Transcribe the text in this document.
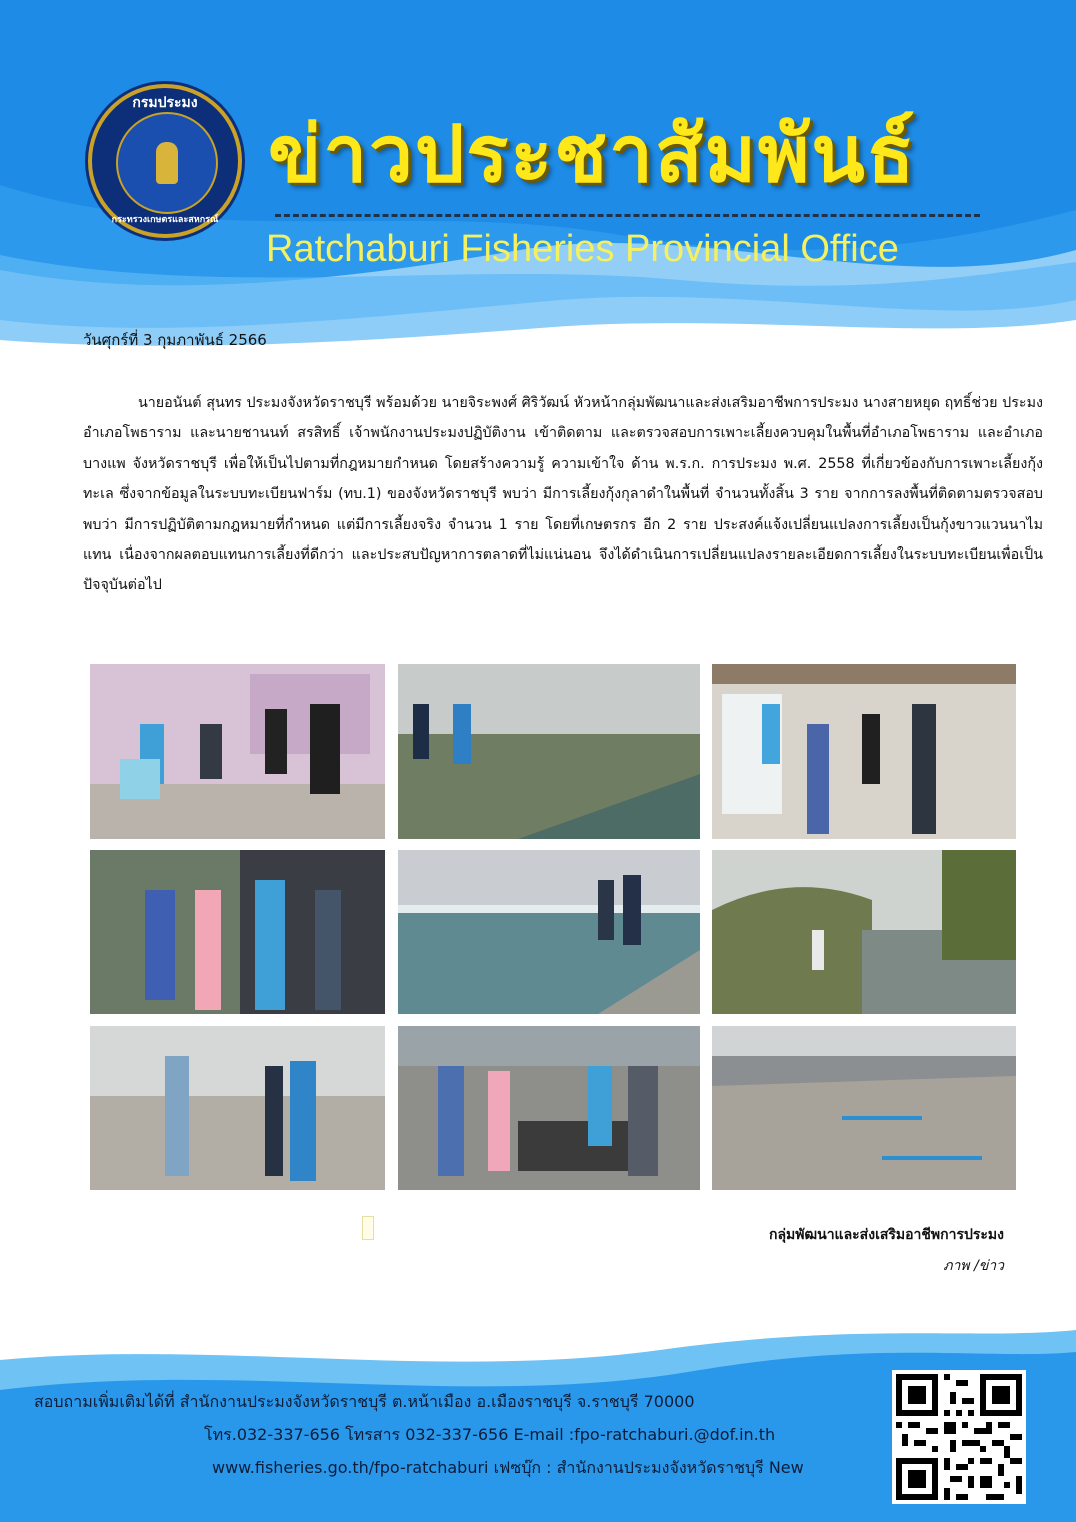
กรมประมง
กระทรวงเกษตรและสหกรณ์
ข่าวประชาสัมพันธ์
Ratchaburi Fisheries Provincial Office
วันศุกร์ที่ 3 กุมภาพันธ์ 2566
นายอนันต์ สุนทร ประมงจังหวัดราชบุรี พร้อมด้วย นายจิระพงศ์ ศิริวัฒน์ หัวหน้ากลุ่มพัฒนาและส่งเสริมอาชีพการประมง นางสายหยุด ฤทธิ์ช่วย ประมงอำเภอโพธาราม และนายชานนท์ สรสิทธิ์ เจ้าพนักงานประมงปฏิบัติงาน เข้าติดตาม และตรวจสอบการเพาะเลี้ยงควบคุมในพื้นที่อำเภอโพธาราม และอำเภอบางแพ จังหวัดราชบุรี เพื่อให้เป็นไปตามที่กฎหมายกำหนด โดยสร้างความรู้ ความเข้าใจ ด้าน พ.ร.ก. การประมง พ.ศ. 2558 ที่เกี่ยวข้องกับการเพาะเลี้ยงกุ้งทะเล ซึ่งจากข้อมูลในระบบทะเบียนฟาร์ม (ทบ.1) ของจังหวัดราชบุรี พบว่า มีการเลี้ยงกุ้งกุลาดำในพื้นที่ จำนวนทั้งสิ้น 3 ราย จากการลงพื้นที่ติดตามตรวจสอบ พบว่า มีการปฏิบัติตามกฎหมายที่กำหนด แต่มีการเลี้ยงจริง จำนวน 1 ราย โดยที่เกษตรกร อีก 2 ราย ประสงค์แจ้งเปลี่ยนแปลงการเลี้ยงเป็นกุ้งขาวแวนนาไมแทน เนื่องจากผลตอบแทนการเลี้ยงที่ดีกว่า และประสบปัญหาการตลาดที่ไม่แน่นอน จึงได้ดำเนินการเปลี่ยนแปลงรายละเอียดการเลี้ยงในระบบทะเบียนเพื่อเป็นปัจจุบันต่อไป
กลุ่มพัฒนาและส่งเสริมอาชีพการประมง
ภาพ /ข่าว
สอบถามเพิ่มเติมได้ที่ สำนักงานประมงจังหวัดราชบุรี ต.หน้าเมือง อ.เมืองราชบุรี จ.ราชบุรี 70000
โทร.032-337-656 โทรสาร 032-337-656 E-mail :fpo-ratchaburi.@dof.in.th
www.fisheries.go.th/fpo-ratchaburi เฟซบุ๊ก : สำนักงานประมงจังหวัดราชบุรี New
